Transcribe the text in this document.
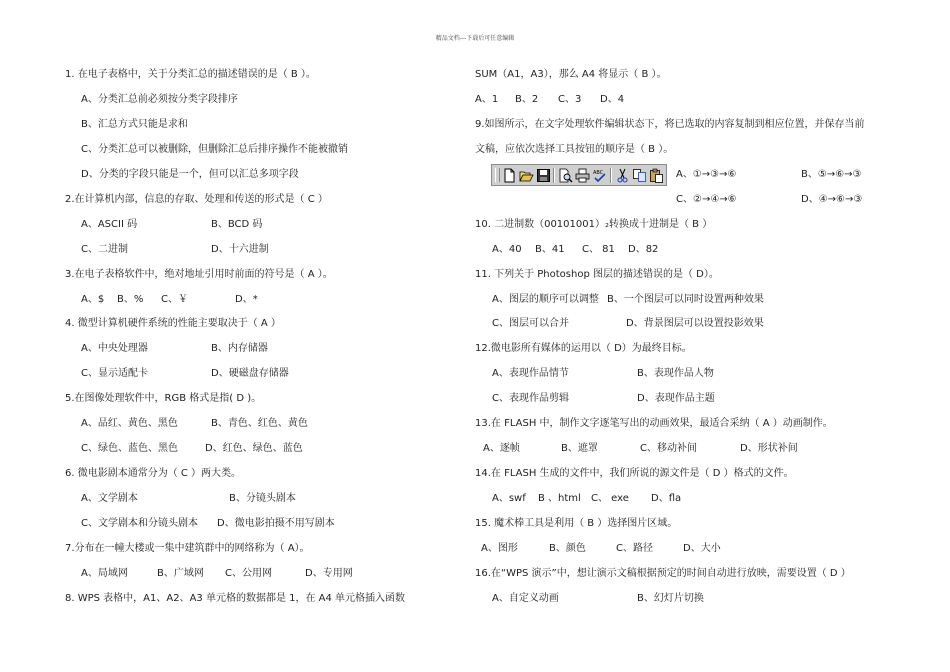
精品文档---下载后可任意编辑
1. 在电子表格中，关于分类汇总的描述错误的是（ B ）。
A、分类汇总前必须按分类字段排序
B、汇总方式只能是求和
C、分类汇总可以被删除，但删除汇总后排序操作不能被撤销
D、分类的字段只能是一个，但可以汇总多项字段
2.在计算机内部，信息的存取、处理和传送的形式是（ C ）
A、ASCII 码	B、BCD 码
C、二进制	D、十六进制
3.在电子表格软件中，绝对地址引用时前面的符号是（ A ）。
A、$ B、% C、￥	D、*
4. 微型计算机硬件系统的性能主要取决于（ A ）
A、中央处理器	B、内存储器
C、显示适配卡	D、硬磁盘存储器
5.在图像处理软件中，RGB 格式是指( D )。
A、品红、黄色、黑色	B、青色、红色、黄色
C、绿色、蓝色、黑色	D、红色、绿色、蓝色
6. 微电影剧本通常分为（ C ）两大类。
A、文学剧本	B、分镜头剧本
C、文学剧本和分镜头剧本 D、微电影拍摄不用写剧本
7.分布在一幢大楼或一集中建筑群中的网络称为（ A）。
A、局域网	B、广域网 C、公用网	D、专用网
8. WPS 表格中，A1、A2、A3 单元格的数据都是 1，在 A4 单元格插入函数
SUM（A1，A3），那么 A4 将显示（ B ）。
A、1 B、2 C、3 D、4
9.如图所示，在文字处理软件编辑状态下，将已选取的内容复制到相应位置，并保存当前
文稿，应依次选择工具按钮的顺序是（ B ）。
ABC	A、①→③→⑥	B、⑤→⑥→③
C、②→④→⑥	D、④→⑥→③
10. 二进制数（00101001）₂转换成十进制是（ B ）
A、40 B、41 C、 81 D、82
11. 下列关于 Photoshop 图层的描述错误的是（ D）。
A、图层的顺序可以调整 B、一个图层可以同时设置两种效果
C、图层可以合并	D、背景图层可以设置投影效果
12.微电影所有媒体的运用以（ D）为最终目标。
A、表现作品情节	B、表现作品人物
C、表现作品剪辑	D、表现作品主题
13.在 FLASH 中，制作文字逐笔写出的动画效果，最适合采纳（ A ）动画制作。
A、逐帧	B、遮罩	C、移动补间	D、形状补间
14.在 FLASH 生成的文件中，我们所说的源文件是（ D ）格式的文件。
A、swf B 、html C、 exe D、fla
15. 魔术棒工具是利用（ B ）选择图片区域。
A、图形	B、颜色	C、路径	D、大小
16.在“WPS 演示”中，想让演示文稿根据预定的时间自动进行放映，需要设置（ D ）
A、自定义动画	B、幻灯片切换
